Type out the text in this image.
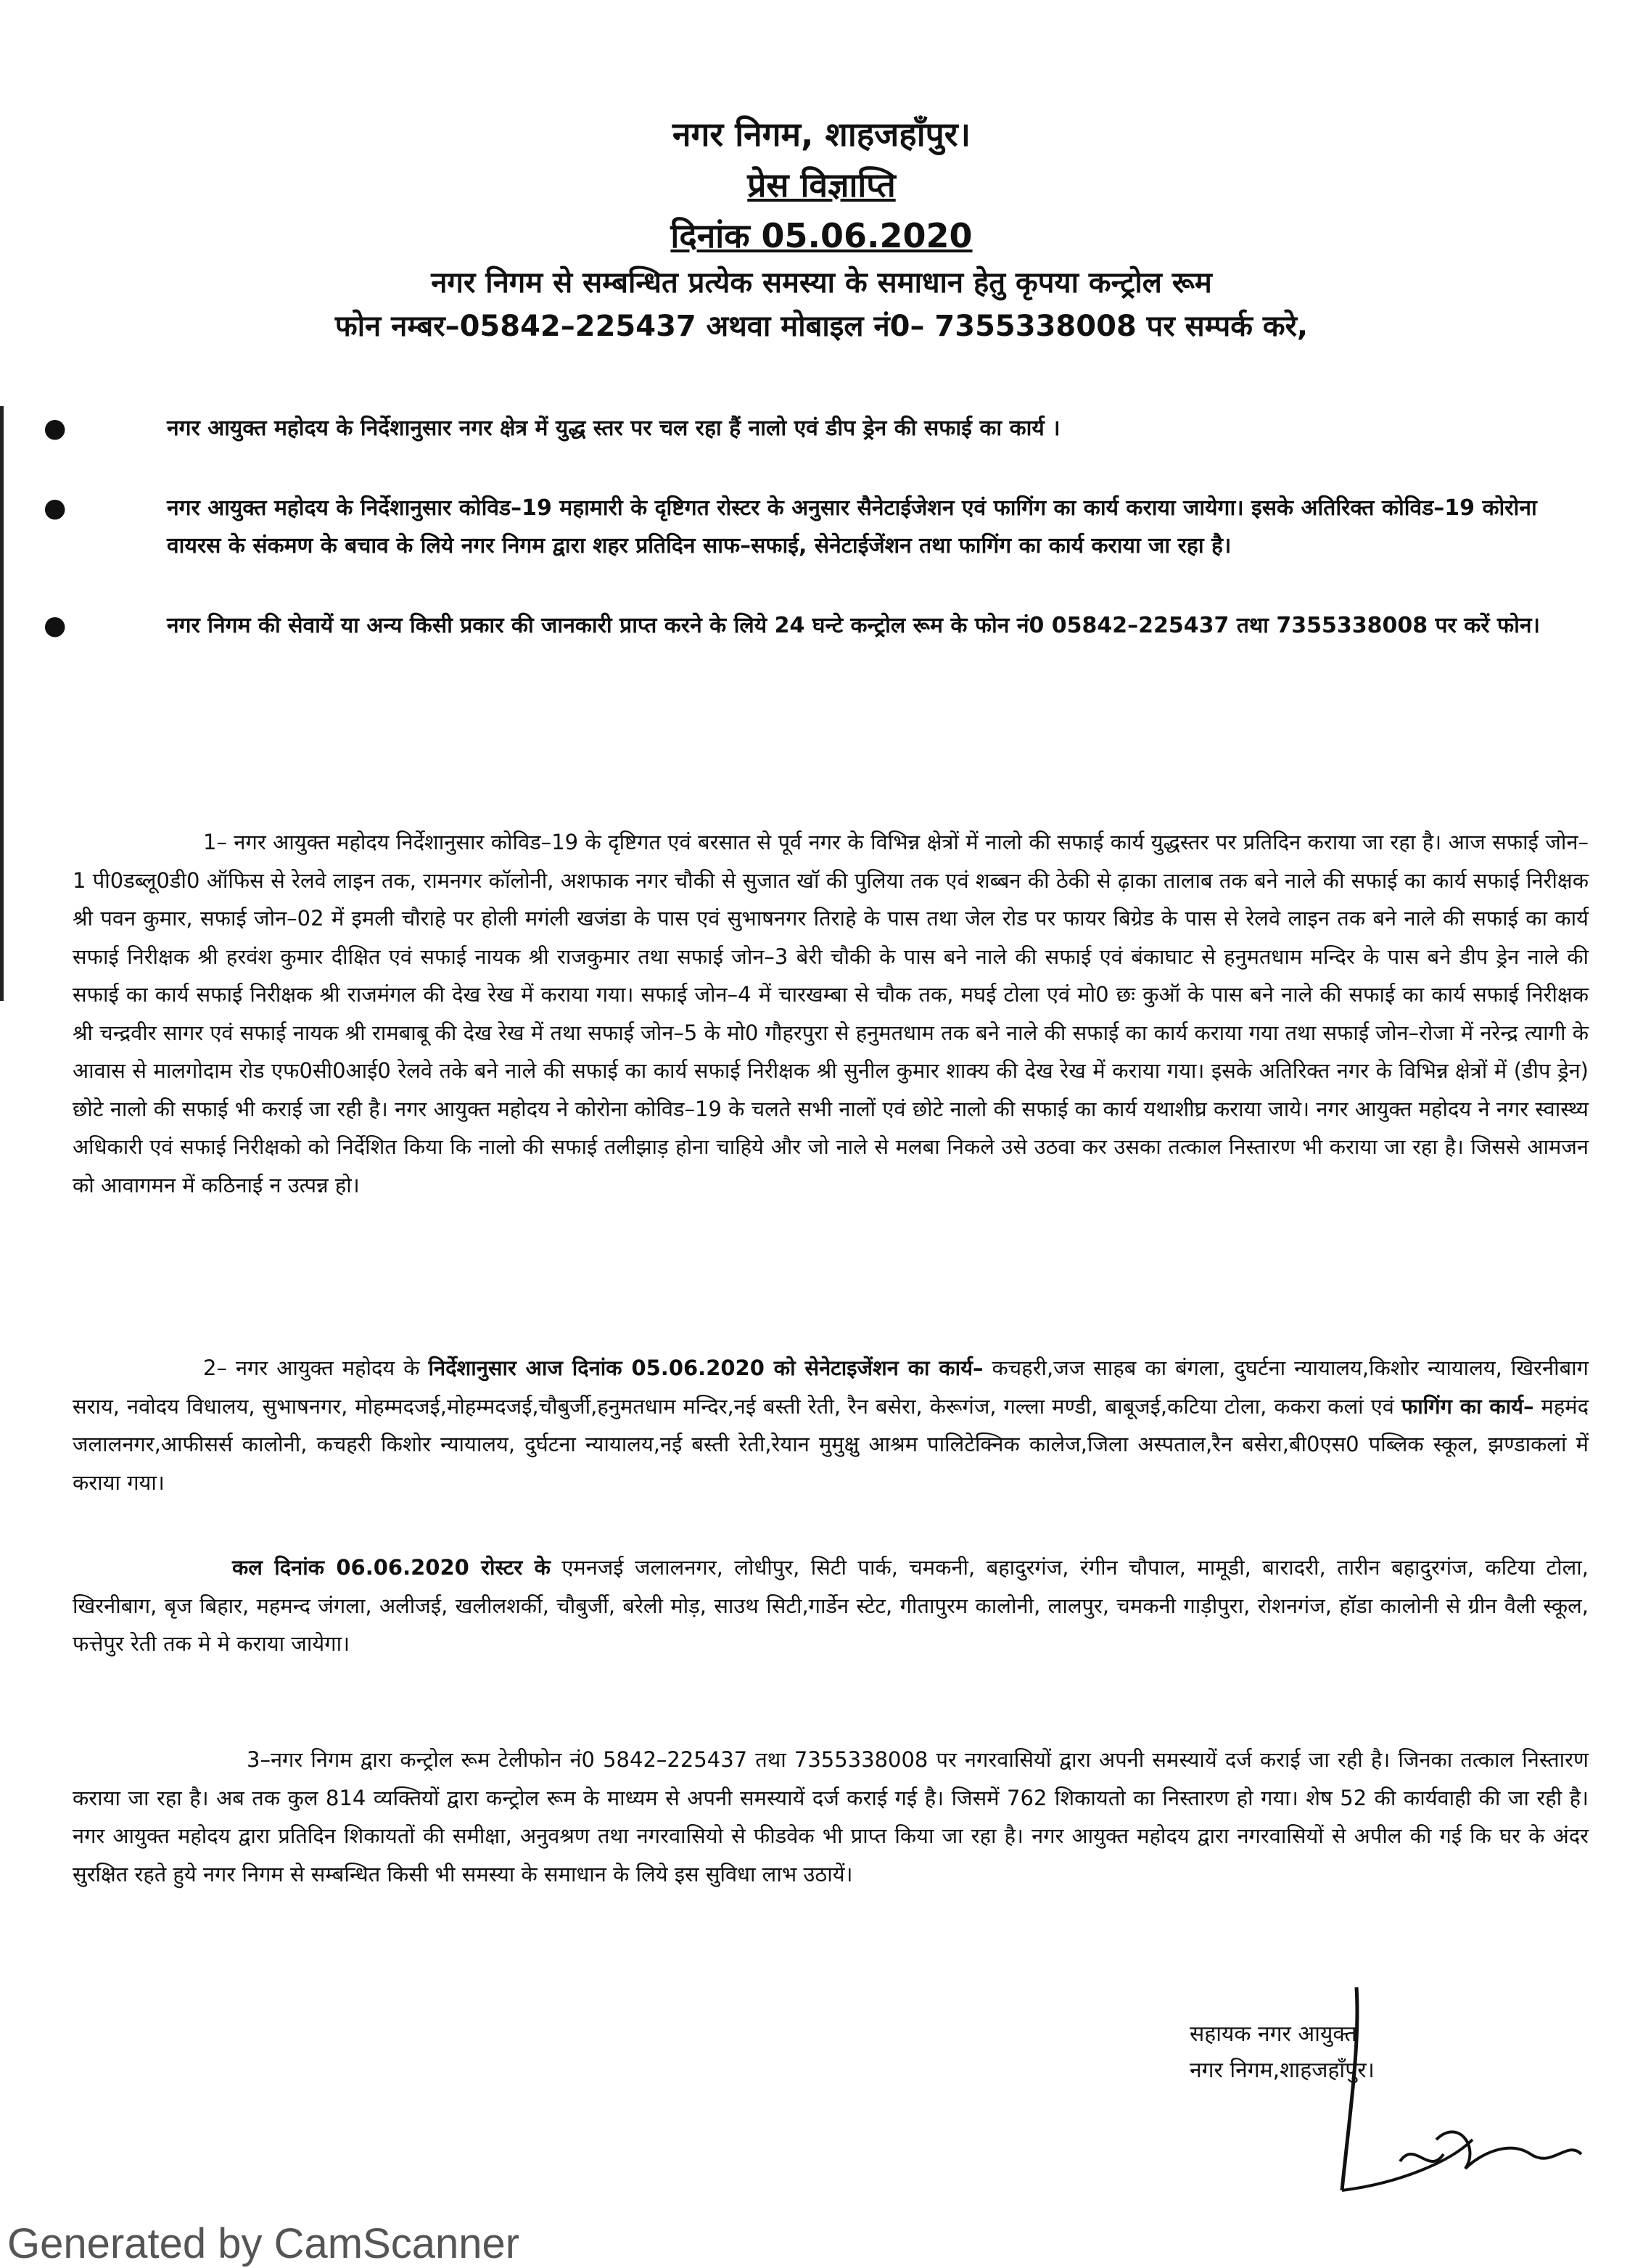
नगर निगम, शाहजहाँपुर।
प्रेस विज्ञाप्ति
दिनांक 05.06.2020
नगर निगम से सम्बन्धित प्रत्येक समस्या के समाधान हेतु कृपया कन्ट्रोल रूम
फोन नम्बर–05842–225437 अथवा मोबाइल नं0– 7355338008 पर सम्पर्क करे,
●	नगर आयुक्त महोदय के निर्देशानुसार नगर क्षेत्र में युद्ध स्तर पर चल रहा हैं नालो एवं डीप ड्रेन की सफाई का कार्य ।
●	नगर आयुक्त महोदय के निर्देशानुसार कोविड–19 महामारी के दृष्टिगत रोस्टर के अनुसार सैनेटाईजेशन एवं फागिंग का कार्य कराया जायेगा। इसके अतिरिक्त कोविड–19 कोरोना वायरस के संकमण के बचाव के लिये नगर निगम द्वारा शहर प्रतिदिन साफ–सफाई, सेनेटाईजेंशन तथा फागिंग का कार्य कराया जा रहा है।
●	नगर निगम की सेवायें या अन्य किसी प्रकार की जानकारी प्राप्त करने के लिये 24 घन्टे कन्ट्रोल रूम के फोन नं0 05842–225437 तथा 7355338008 पर करें फोन।
1– नगर आयुक्त महोदय निर्देशानुसार कोविड–19 के दृष्टिगत एवं बरसात से पूर्व नगर के विभिन्न क्षेत्रों में नालो की सफाई कार्य युद्धस्तर पर प्रतिदिन कराया जा रहा है। आज सफाई जोन–1 पी0डब्लू0डी0 ऑफिस से रेलवे लाइन तक, रामनगर कॉलोनी, अशफाक नगर चौकी से सुजात खॉ की पुलिया तक एवं शब्बन की ठेकी से ढ़ाका तालाब तक बने नाले की सफाई का कार्य सफाई निरीक्षक श्री पवन कुमार, सफाई जोन–02 में इमली चौराहे पर होली मगंली खजंडा के पास एवं सुभाषनगर तिराहे के पास तथा जेल रोड पर फायर बिग्रेड के पास से रेलवे लाइन तक बने नाले की सफाई का कार्य सफाई निरीक्षक श्री हरवंश कुमार दीक्षित एवं सफाई नायक श्री राजकुमार तथा सफाई जोन–3 बेरी चौकी के पास बने नाले की सफाई एवं बंकाघाट से हनुमतधाम मन्दिर के पास बने डीप ड्रेन नाले की सफाई का कार्य सफाई निरीक्षक श्री राजमंगल की देख रेख में कराया गया। सफाई जोन–4 में चारखम्बा से चौक तक, मघई टोला एवं मो0 छः कुऑ के पास बने नाले की सफाई का कार्य सफाई निरीक्षक श्री चन्द्रवीर सागर एवं सफाई नायक श्री रामबाबू की देख रेख में तथा सफाई जोन–5 के मो0 गौहरपुरा से हनुमतधाम तक बने नाले की सफाई का कार्य कराया गया तथा सफाई जोन–रोजा में नरेन्द्र त्यागी के आवास से मालगोदाम रोड एफ0सी0आई0 रेलवे तके बने नाले की सफाई का कार्य सफाई निरीक्षक श्री सुनील कुमार शाक्य की देख रेख में कराया गया। इसके अतिरिक्त नगर के विभिन्न क्षेत्रों में (डीप ड्रेन) छोटे नालो की सफाई भी कराई जा रही है। नगर आयुक्त महोदय ने कोरोना कोविड–19 के चलते सभी नालों एवं छोटे नालो की सफाई का कार्य यथाशीघ्र कराया जाये। नगर आयुक्त महोदय ने नगर स्वास्थ्य अधिकारी एवं सफाई निरीक्षको को निर्देशित किया कि नालो की सफाई तलीझाड़ होना चाहिये और जो नाले से मलबा निकले उसे उठवा कर उसका तत्काल निस्तारण भी कराया जा रहा है। जिससे आमजन को आवागमन में कठिनाई न उत्पन्न हो।
2– नगर आयुक्त महोदय के निर्देशानुसार आज दिनांक 05.06.2020 को सेनेटाइजेंशन का कार्य– कचहरी,जज साहब का बंगला, दुघर्टना न्यायालय,किशोर न्यायालय, खिरनीबाग सराय, नवोदय विधालय, सुभाषनगर, मोहम्मदजई,मोहम्मदजई,चौबुर्जी,हनुमतधाम मन्दिर,नई बस्ती रेती, रैन बसेरा, केरूगंज, गल्ला मण्डी, बाबूजई,कटिया टोला, ककरा कलां एवं फागिंग का कार्य– महमंद जलालनगर,आफीसर्स कालोनी, कचहरी किशोर न्यायालय, दुर्घटना न्यायालय,नई बस्ती रेती,रेयान मुमुक्षु आश्रम पालिटेक्निक कालेज,जिला अस्पताल,रैन बसेरा,बी0एस0 पब्लिक स्कूल, झण्डाकलां में कराया गया।
कल दिनांक 06.06.2020 रोस्टर के एमनजई जलालनगर, लोधीपुर, सिटी पार्क, चमकनी, बहादुरगंज, रंगीन चौपाल, मामूडी, बारादरी, तारीन बहादुरगंज, कटिया टोला, खिरनीबाग, बृज बिहार, महमन्द जंगला, अलीजई, खलीलशर्की, चौबुर्जी, बरेली मोड़, साउथ सिटी,गार्डेन स्टेट, गीतापुरम कालोनी, लालपुर, चमकनी गाड़ीपुरा, रोशनगंज, हॉडा कालोनी से ग्रीन वैली स्कूल, फत्तेपुर रेती तक मे मे कराया जायेगा।
3–नगर निगम द्वारा कन्ट्रोल रूम टेलीफोन नं0 5842–225437 तथा 7355338008 पर नगरवासियों द्वारा अपनी समस्यायें दर्ज कराई जा रही है। जिनका तत्काल निस्तारण कराया जा रहा है। अब तक कुल 814 व्यक्तियों द्वारा कन्ट्रोल रूम के माध्यम से अपनी समस्यायें दर्ज कराई गई है। जिसमें 762 शिकायतो का निस्तारण हो गया। शेष 52 की कार्यवाही की जा रही है। नगर आयुक्त महोदय द्वारा प्रतिदिन शिकायतों की समीक्षा, अनुवश्रण तथा नगरवासियो से फीडवेक भी प्राप्त किया जा रहा है। नगर आयुक्त महोदय द्वारा नगरवासियों से अपील की गई कि घर के अंदर सुरक्षित रहते हुये नगर निगम से सम्बन्धित किसी भी समस्या के समाधान के लिये इस सुविधा लाभ उठायें।
सहायक नगर आयुक्त
नगर निगम,शाहजहाँपुर।
Generated by CamScanner
